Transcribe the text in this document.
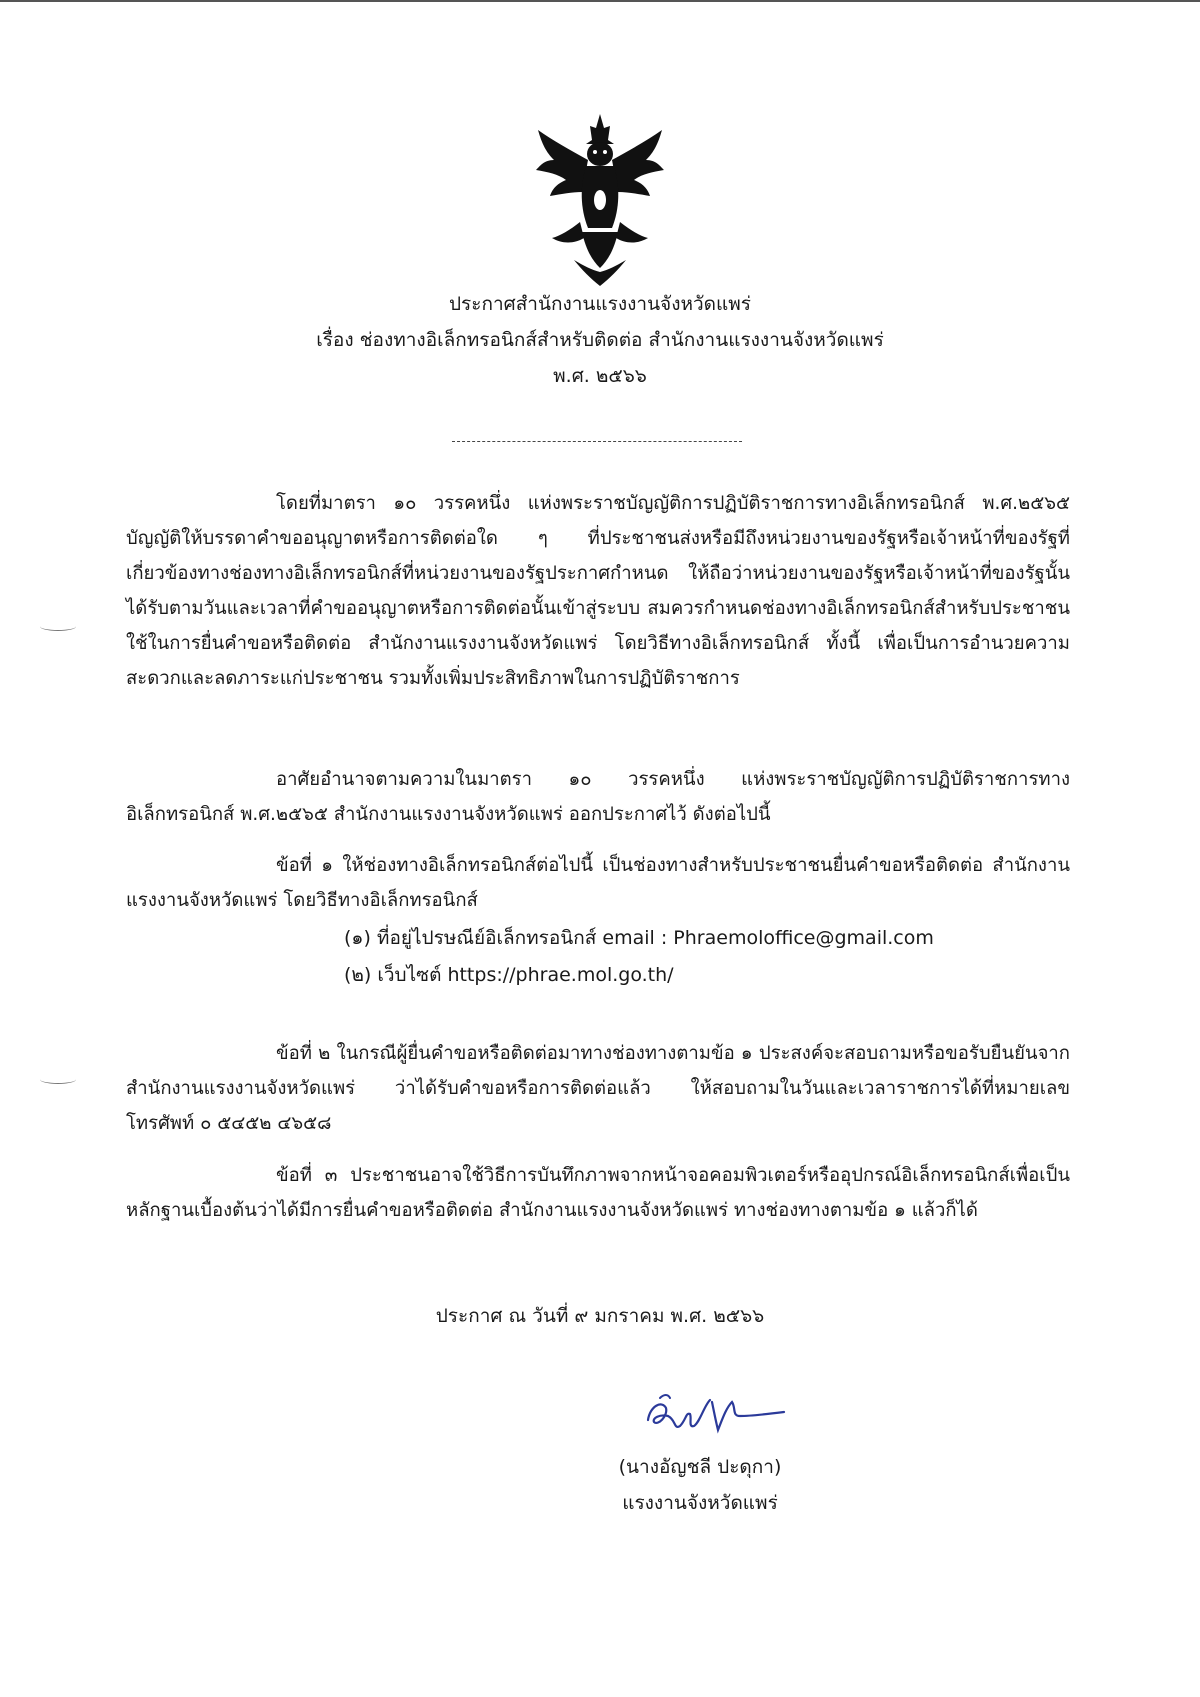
ประกาศสำนักงานแรงงานจังหวัดแพร่
เรื่อง ช่องทางอิเล็กทรอนิกส์สำหรับติดต่อ สำนักงานแรงงานจังหวัดแพร่
พ.ศ. ๒๕๖๖

โดยที่มาตรา ๑๐ วรรคหนึ่ง แห่งพระราชบัญญัติการปฏิบัติราชการทางอิเล็กทรอนิกส์ พ.ศ.๒๕๖๕ บัญญัติให้บรรดาคำขออนุญาตหรือการติดต่อใด ๆ ที่ประชาชนส่งหรือมีถึงหน่วยงานของรัฐหรือเจ้าหน้าที่ของรัฐที่เกี่ยวข้องทางช่องทางอิเล็กทรอนิกส์ที่หน่วยงานของรัฐประกาศกำหนด ให้ถือว่าหน่วยงานของรัฐหรือเจ้าหน้าที่ของรัฐนั้นได้รับตามวันและเวลาที่คำขออนุญาตหรือการติดต่อนั้นเข้าสู่ระบบ สมควรกำหนดช่องทางอิเล็กทรอนิกส์สำหรับประชาชนใช้ในการยื่นคำขอหรือติดต่อ สำนักงานแรงงานจังหวัดแพร่ โดยวิธีทางอิเล็กทรอนิกส์ ทั้งนี้ เพื่อเป็นการอำนวยความสะดวกและลดภาระแก่ประชาชน รวมทั้งเพิ่มประสิทธิภาพในการปฏิบัติราชการ

อาศัยอำนาจตามความในมาตรา ๑๐ วรรคหนึ่ง แห่งพระราชบัญญัติการปฏิบัติราชการทางอิเล็กทรอนิกส์ พ.ศ.๒๕๖๕ สำนักงานแรงงานจังหวัดแพร่ ออกประกาศไว้ ดังต่อไปนี้

ข้อที่ ๑ ให้ช่องทางอิเล็กทรอนิกส์ต่อไปนี้ เป็นช่องทางสำหรับประชาชนยื่นคำขอหรือติดต่อ สำนักงานแรงงานจังหวัดแพร่ โดยวิธีทางอิเล็กทรอนิกส์

(๑) ที่อยู่ไปรษณีย์อิเล็กทรอนิกส์ email : Phraemoloffice@gmail.com
(๒) เว็บไซต์ https://phrae.mol.go.th/

ข้อที่ ๒ ในกรณีผู้ยื่นคำขอหรือติดต่อมาทางช่องทางตามข้อ ๑ ประสงค์จะสอบถามหรือขอรับยืนยันจากสำนักงานแรงงานจังหวัดแพร่ ว่าได้รับคำขอหรือการติดต่อแล้ว ให้สอบถามในวันและเวลาราชการได้ที่หมายเลขโทรศัพท์ ๐ ๕๔๕๒ ๔๖๕๘

ข้อที่ ๓ ประชาชนอาจใช้วิธีการบันทึกภาพจากหน้าจอคอมพิวเตอร์หรืออุปกรณ์อิเล็กทรอนิกส์เพื่อเป็นหลักฐานเบื้องต้นว่าได้มีการยื่นคำขอหรือติดต่อ สำนักงานแรงงานจังหวัดแพร่ ทางช่องทางตามข้อ ๑ แล้วก็ได้

ประกาศ ณ วันที่ ๙ มกราคม พ.ศ. ๒๕๖๖
(นางอัญชลี ปะดุกา)
แรงงานจังหวัดแพร่
